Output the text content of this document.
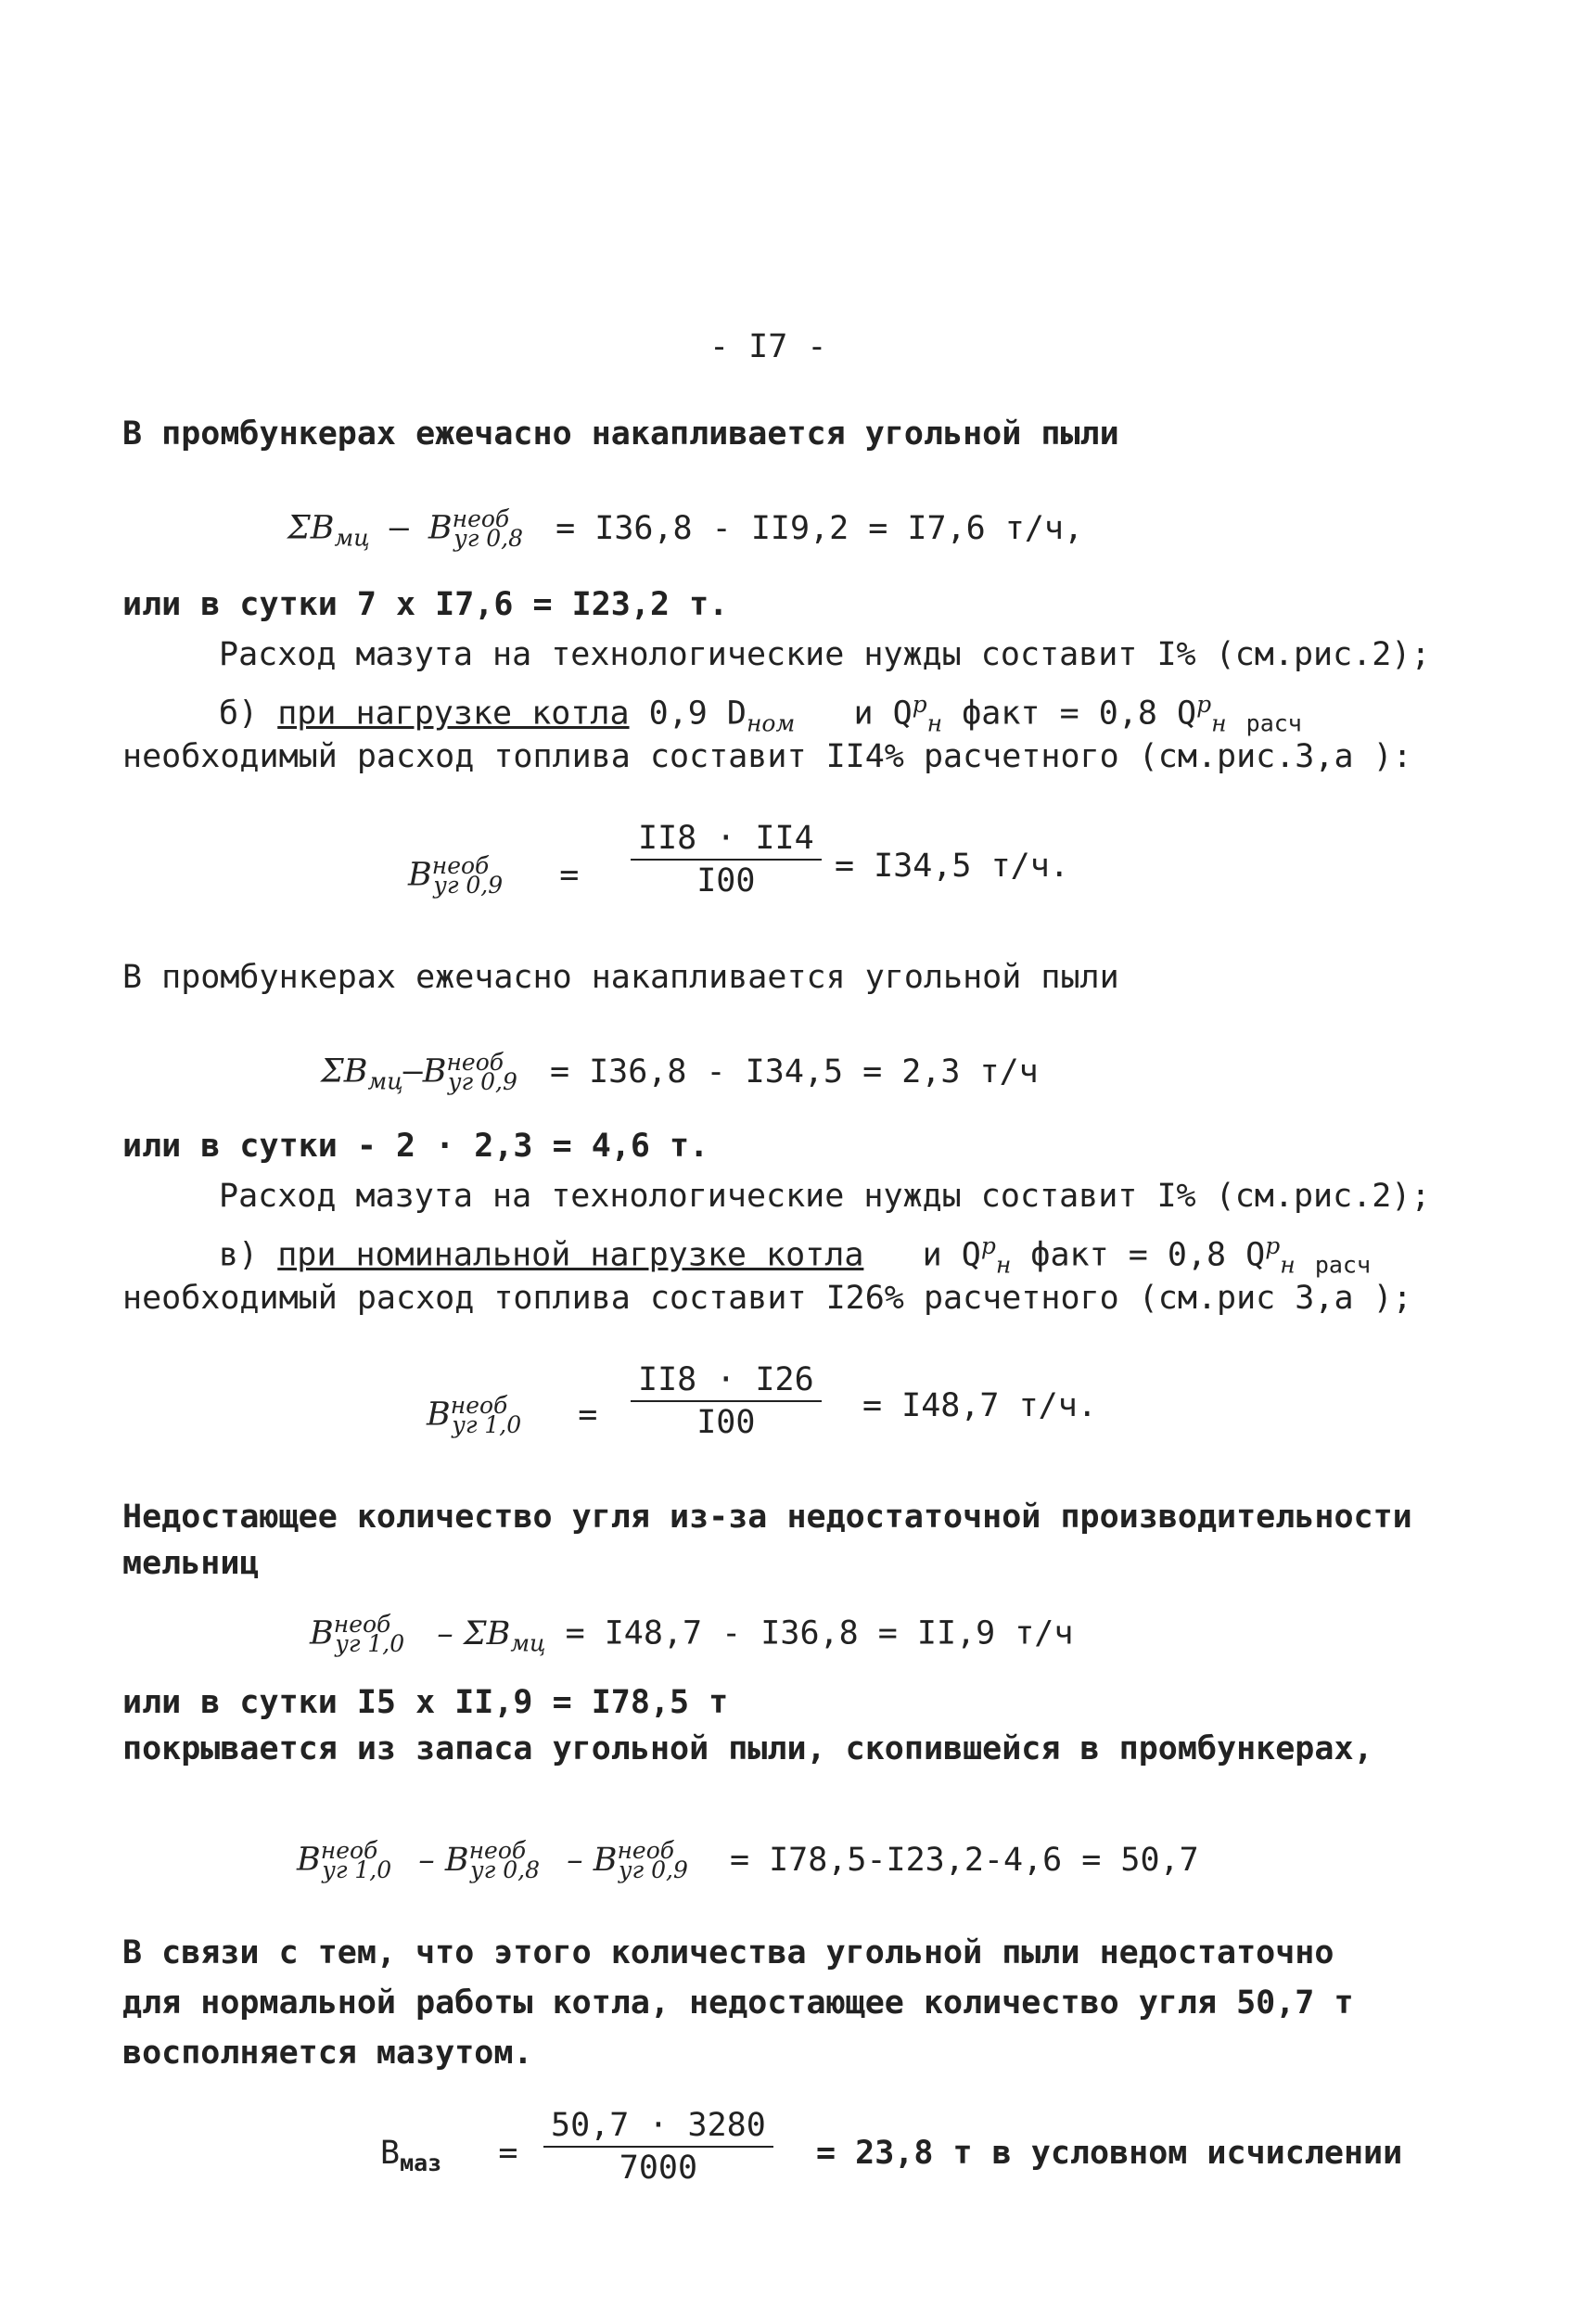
- I7 -
В промбункерах ежечасно накапливается угольной пыли
$\Sigma B_{мц} - B^{необ}_{уг 0,8} = I36,8 - II9,2 = I7,6$ т/ч,
или в сутки 7 x I7,6 = I23,2 т.
Расход мазута на технологические нужды составит I% (см.рис.2);
б) при нагрузке котла 0,9 $D_{ном}$ и $Q^р_н$ факт = 0,8 $Q^р_н$ $_{расч}$
необходимый расход топлива составит II4% расчетного (см.рис.3,а ):
$B^{необ}_{уг 0,9} = \frac{II8 \cdot II4}{I00} = I34,5$ т/ч.
В промбункерах ежечасно накапливается угольной пыли
$\Sigma B_{мц}-B^{необ}_{уг 0,9} = I36,8 - I34,5 = 2,3$ т/ч
или в сутки - 2 · 2,3 = 4,6 т.
Расход мазута на технологические нужды составит I% (см.рис.2);
в) при номинальной нагрузке котла и $Q^р_н$ факт = 0,8 $Q^р_н$ $_{расч}$
необходимый расход топлива составит I26% расчетного (см.рис 3,а );
$B^{необ}_{уг 1,0} = \frac{II8 \cdot I26}{I00} = I48,7$ т/ч.
Недостающее количество угля из-за недостаточной производительности
мельниц
$B^{необ}_{уг 1,0} - \Sigma B_{мц} = I48,7 - I36,8 = II,9$ т/ч
или в сутки I5 x II,9 = I78,5 т
покрывается из запаса угольной пыли, скопившейся в промбункерах,
$B^{необ}_{уг 1,0} - B^{необ}_{уг 0,8} - B^{необ}_{уг 0,9} = I78,5-I23,2-4,6 = 50,7$
В связи с тем, что этого количества угольной пыли недостаточно
для нормальной работы котла, недостающее количество угля 50,7 т
восполняется мазутом.
$B_{маз} = \frac{50,7 \cdot 3280}{7000} = 23,8$ т в условном исчислении
